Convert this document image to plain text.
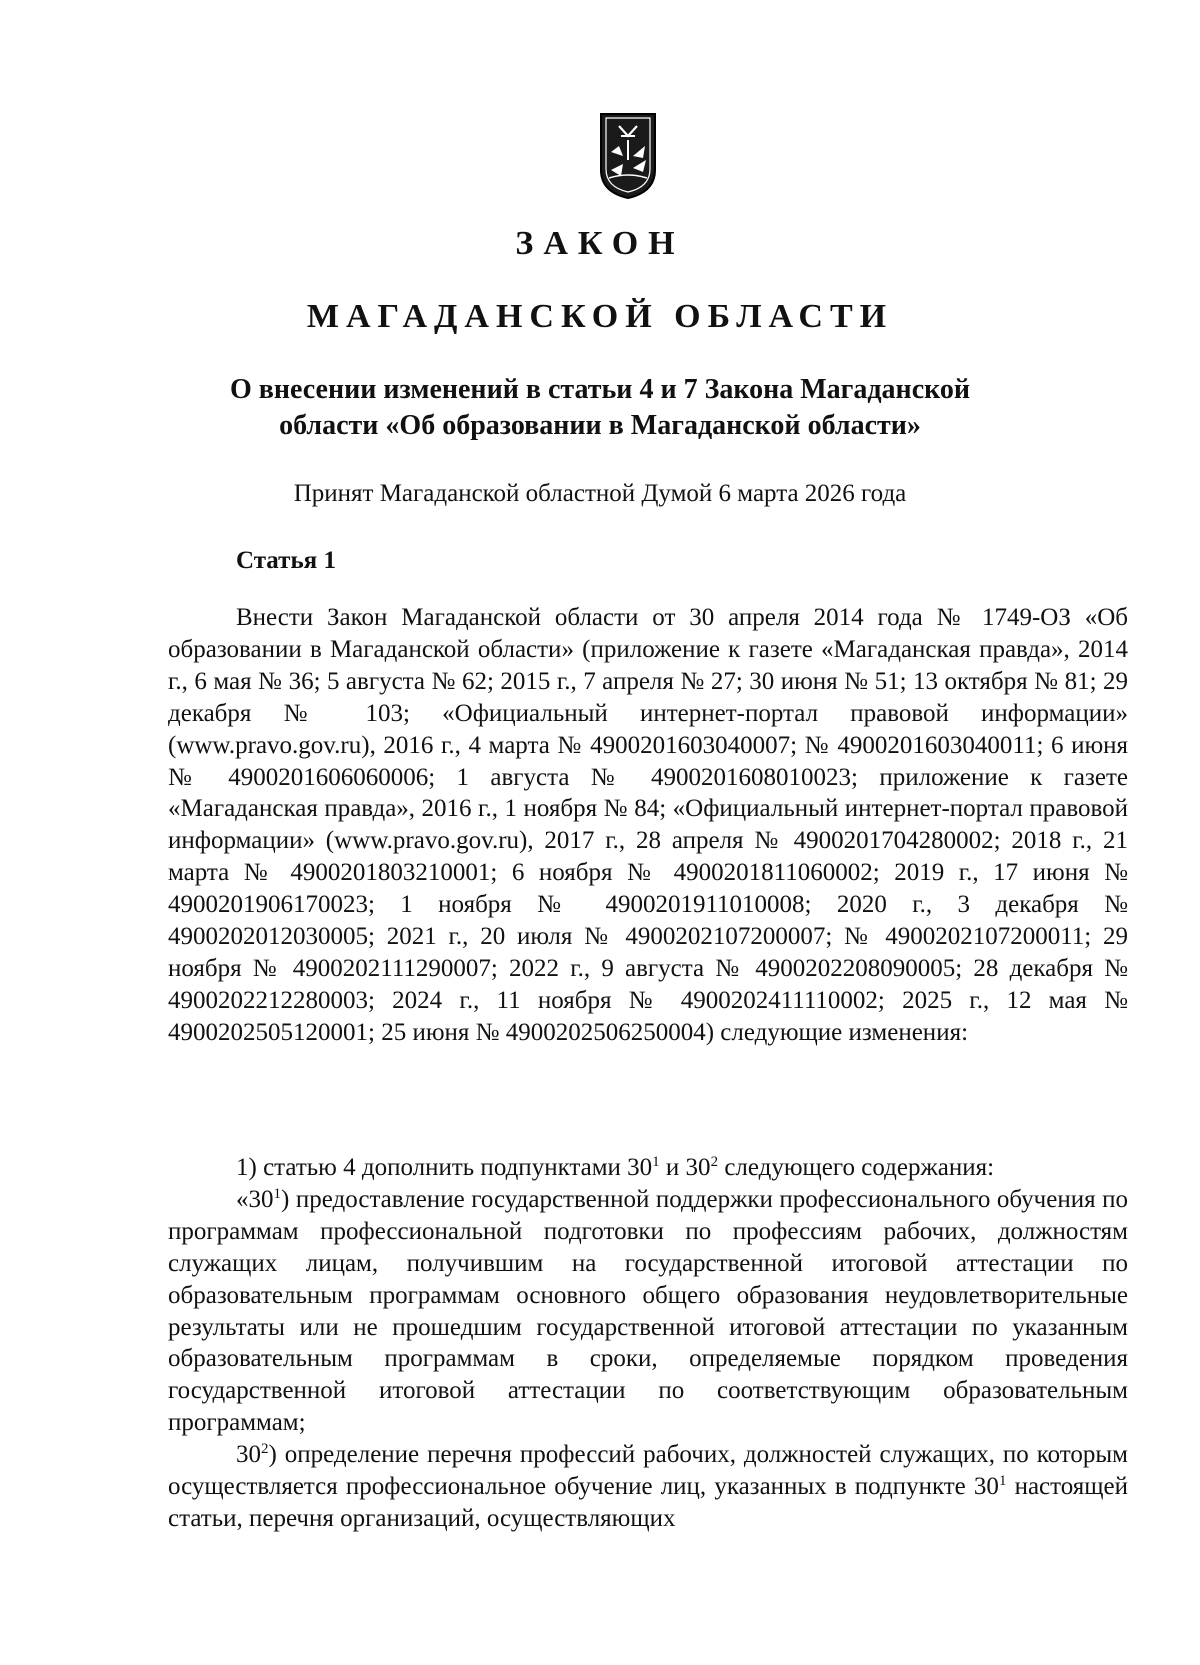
ЗАКОН
МАГАДАНСКОЙ ОБЛАСТИ
О внесении изменений в статьи 4 и 7 Закона Магаданской
области «Об образовании в Магаданской области»
Принят Магаданской областной Думой 6 марта 2026 года
Статья 1

Внести Закон Магаданской области от 30 апреля 2014 года № 1749-ОЗ «Об образовании в Магаданской области» (приложение к газете «Магаданская правда», 2014 г., 6 мая № 36; 5 августа № 62; 2015 г., 7 апреля № 27; 30 июня № 51; 13 октября № 81; 29 декабря № 103; «Официальный интернет-портал правовой информации» (www.pravo.gov.ru), 2016 г., 4 марта № 4900201603040007; № 4900201603040011; 6 июня № 4900201606060006; 1 августа № 4900201608010023; приложение к газете «Магаданская правда», 2016 г., 1 ноября № 84; «Официальный интернет-портал правовой информации» (www.pravo.gov.ru), 2017 г., 28 апреля № 4900201704280002; 2018 г., 21 марта № 4900201803210001; 6 ноября № 4900201811060002; 2019 г., 17 июня № 4900201906170023; 1 ноября № 4900201911010008; 2020 г., 3 декабря № 4900202012030005; 2021 г., 20 июля № 4900202107200007; № 4900202107200011; 29 ноября № 4900202111290007; 2022 г., 9 августа № 4900202208090005; 28 декабря № 4900202212280003; 2024 г., 11 ноября № 4900202411110002; 2025 г., 12 мая № 4900202505120001; 25 июня № 4900202506250004) следующие изменения:

1) статью 4 дополнить подпунктами $30^1$ и $30^2$ следующего содержания:

«$30^1$) предоставление государственной поддержки профессионального обучения по программам профессиональной подготовки по профессиям рабочих, должностям служащих лицам, получившим на государственной итоговой аттестации по образовательным программам основного общего образования неудовлетворительные результаты или не прошедшим государственной итоговой аттестации по указанным образовательным программам в сроки, определяемые порядком проведения государственной итоговой аттестации по соответствующим образовательным программам;

$30^2$) определение перечня профессий рабочих, должностей служащих, по которым осуществляется профессиональное обучение лиц, указанных в подпункте $30^1$ настоящей статьи, перечня организаций, осуществляющих
